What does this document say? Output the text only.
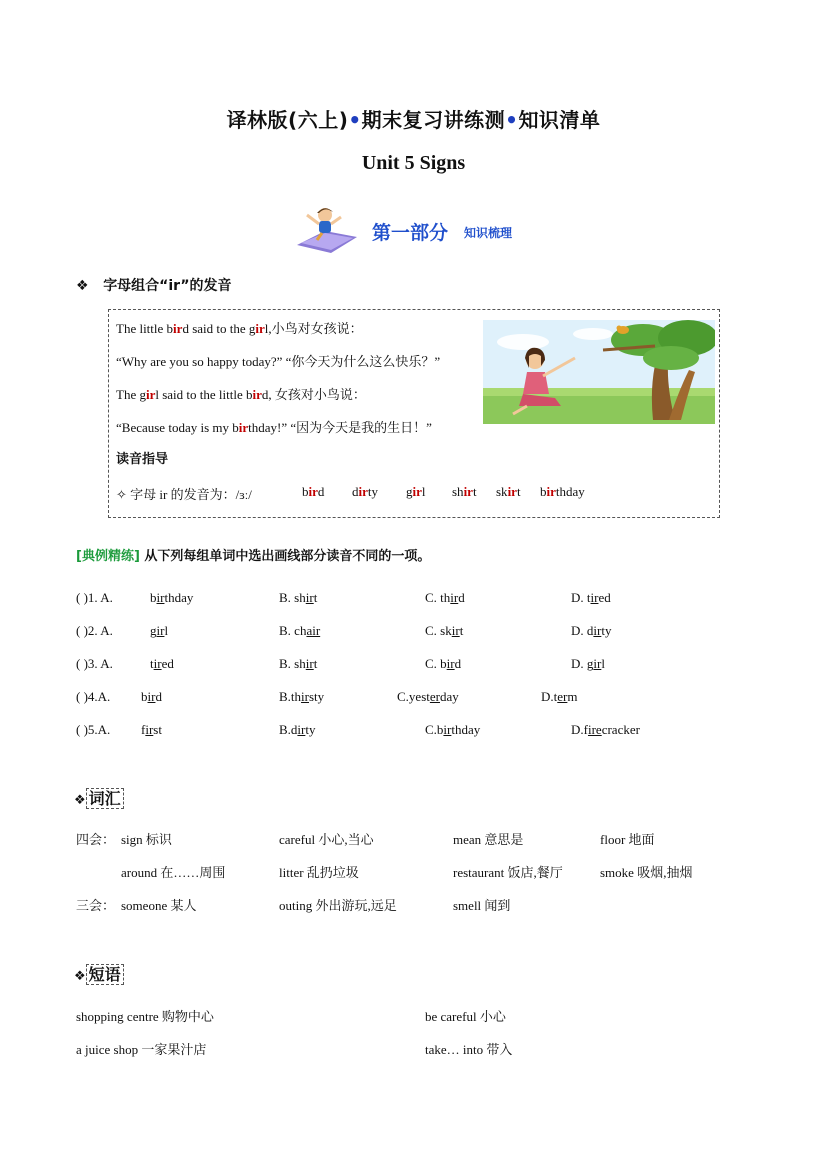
译林版(六上)•期末复习讲练测•知识清单
Unit 5 Signs
第一部分 知识梳理
❖ 字母组合“ir”的发音
The little bird said to the girl,小鸟对女孩说：
“Why are you so happy today?” “你今天为什么这么快乐？”
The girl said to the little bird, 女孩对小鸟说：
“Because today is my birthday!” “因为今天是我的生日！”
读音指导
✧ 字母 ir 的发音为：/ɜː/	bird dirty girl shirt skirt birthday
[典例精练] 从下列每组单词中选出画线部分读音不同的一项。
( )1. A.	birthday	B. shirt	C. third	D. tired
( )2. A.	girl	B. chair	C. skirt	D. dirty
( )3. A.	tired	B. shirt	C. bird	D. girl
( )4.A. bird	B.thirsty	C.yesterday	D.term
( )5.A. first	B.dirty	C.birthday	D.firecracker
❖ 词汇
四会： sign 标识	careful 小心,当心	mean 意思是	floor 地面
around 在……周围	litter 乱扔垃圾	restaurant 饭店,餐厅	smoke 吸烟,抽烟
三会： someone 某人	outing 外出游玩,远足	smell 闻到
❖ 短语
shopping centre 购物中心	be careful 小心
a juice shop 一家果汁店	take… into 带入
